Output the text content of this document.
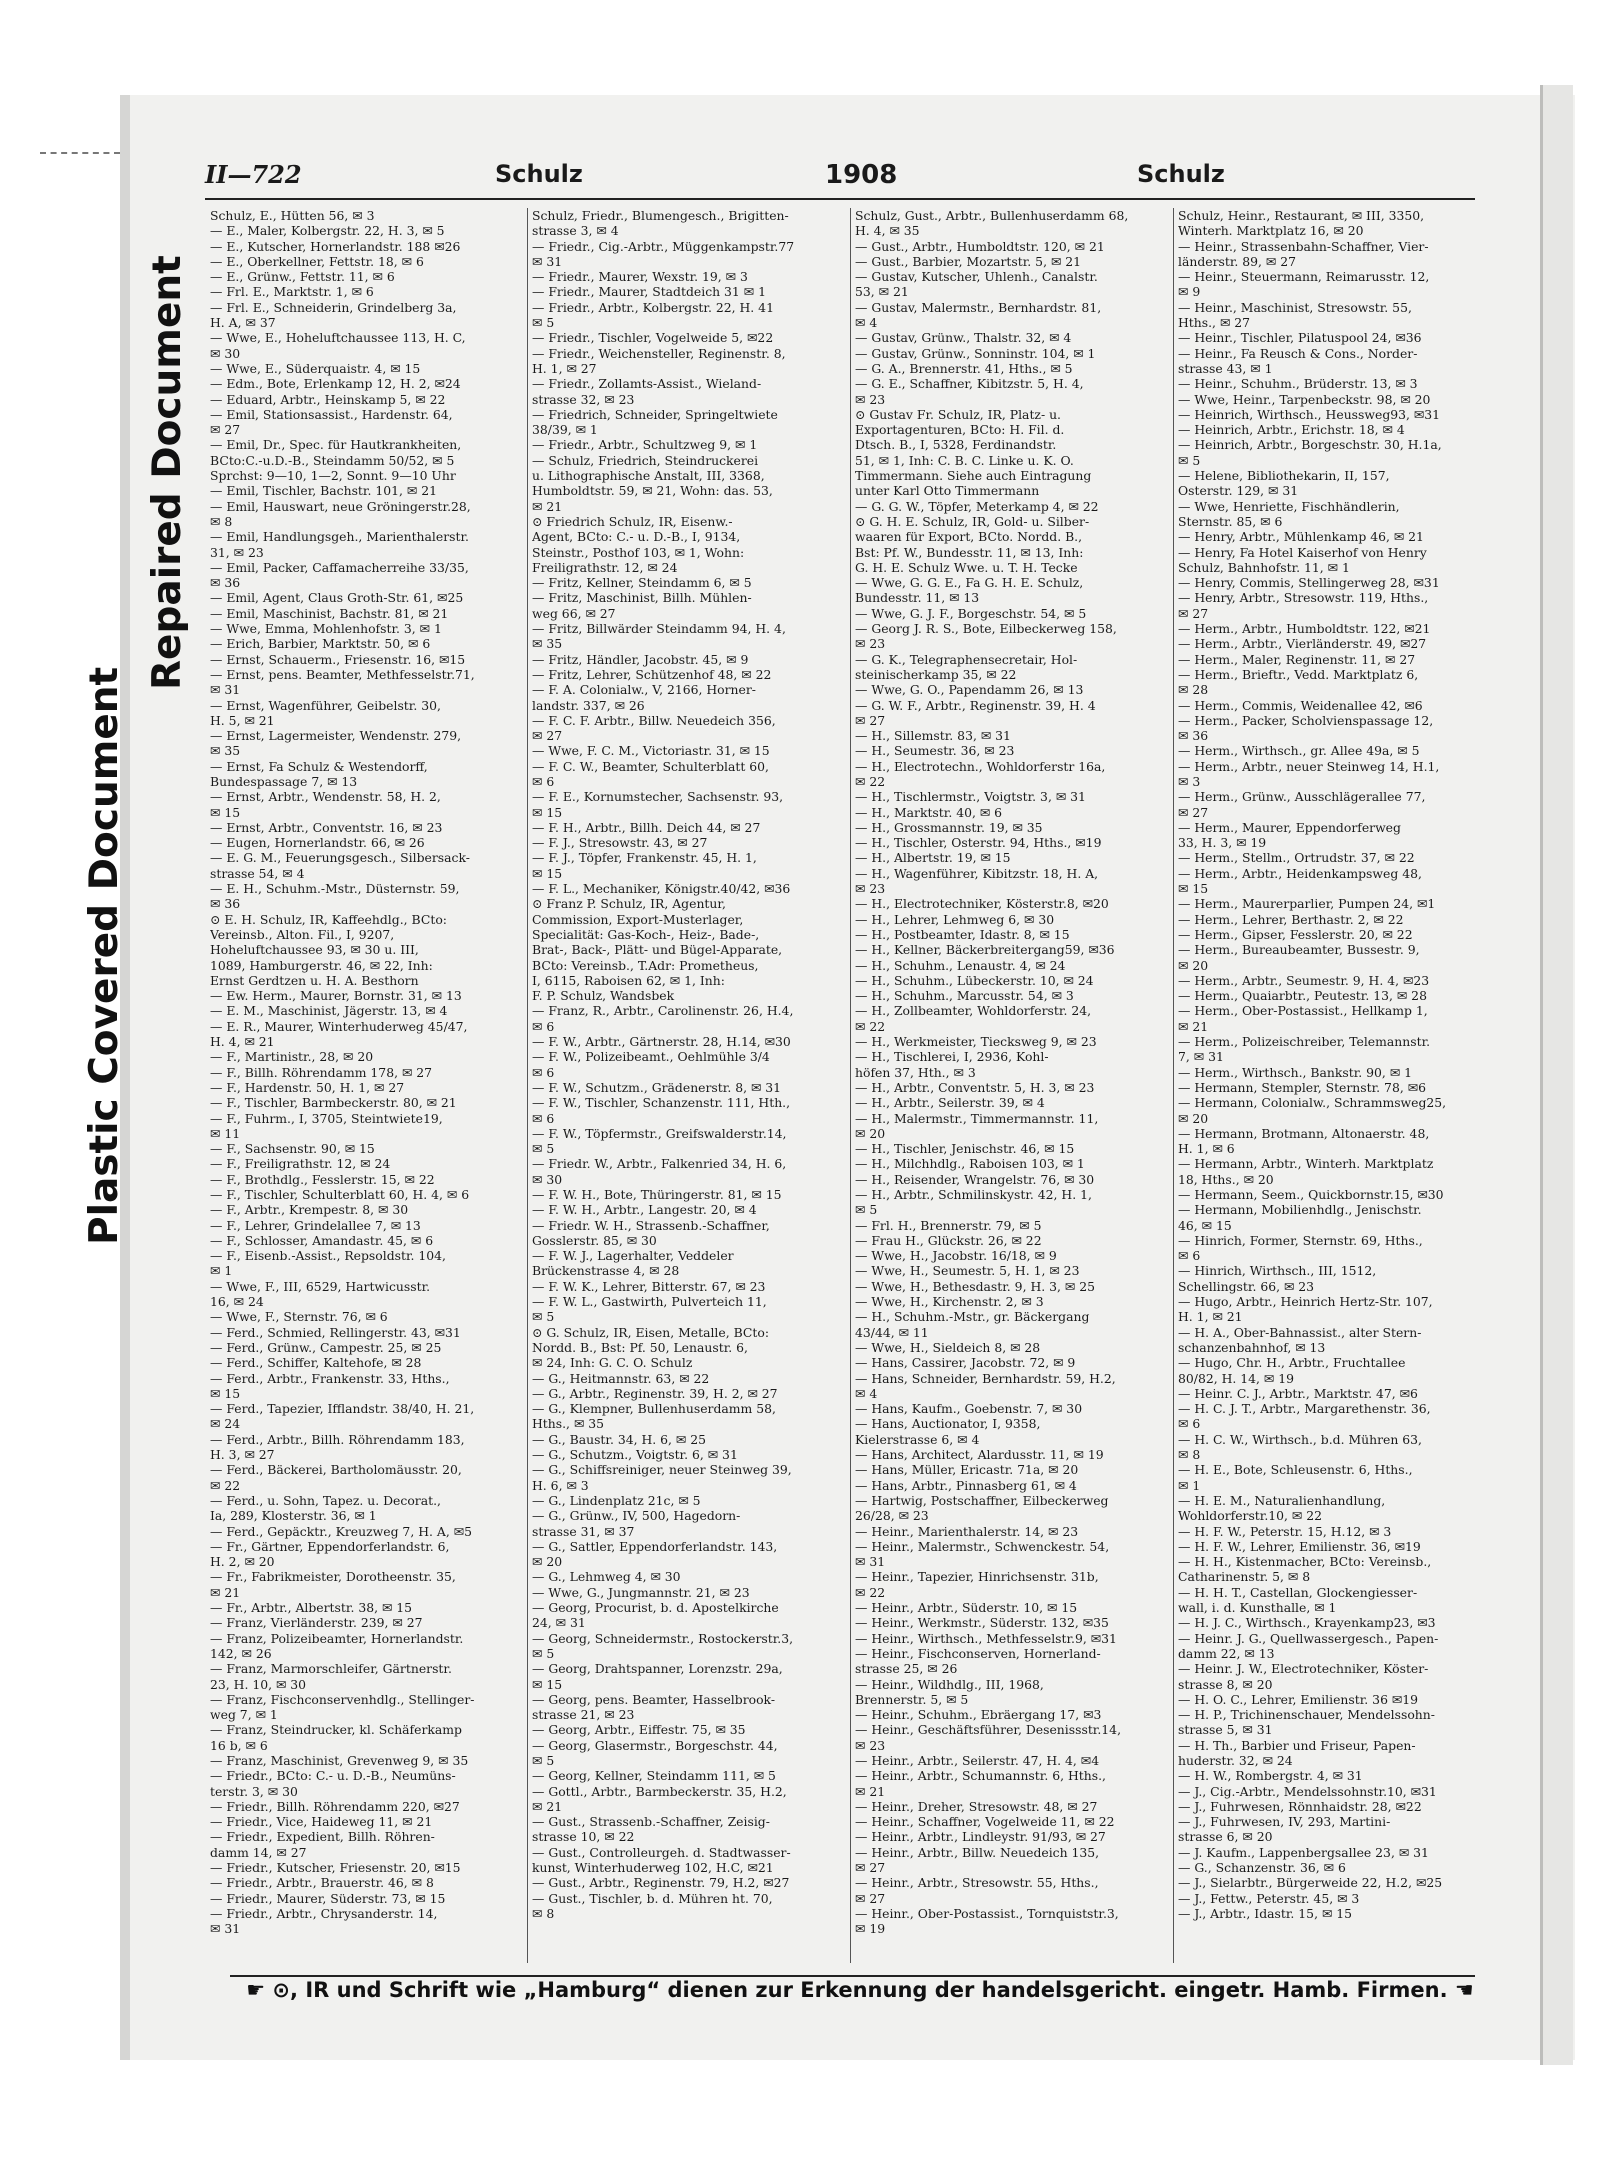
Plastic Covered Document
Repaired Document
II—722	Schulz	1908	Schulz
Schulz, E., Hütten 56, ✉ 3
— E., Maler, Kolbergstr. 22, H. 3, ✉ 5
— E., Kutscher, Hornerlandstr. 188 ✉26
— E., Oberkellner, Fettstr. 18, ✉ 6
— E., Grünw., Fettstr. 11, ✉ 6
— Frl. E., Marktstr. 1, ✉ 6
— Frl. E., Schneiderin, Grindelberg 3a,
H. A, ✉ 37
— Wwe, E., Hoheluftchaussee 113, H. C,
✉ 30
— Wwe, E., Süderquaistr. 4, ✉ 15
— Edm., Bote, Erlenkamp 12, H. 2, ✉24
— Eduard, Arbtr., Heinskamp 5, ✉ 22
— Emil, Stationsassist., Hardenstr. 64,
✉ 27
— Emil, Dr., Spec. für Hautkrankheiten,
BCto:C.-u.D.-B., Steindamm 50/52, ✉ 5
Sprchst: 9—10, 1—2, Sonnt. 9—10 Uhr
— Emil, Tischler, Bachstr. 101, ✉ 21
— Emil, Hauswart, neue Gröningerstr.28,
✉ 8
— Emil, Handlungsgeh., Marienthalerstr.
31, ✉ 23
— Emil, Packer, Caffamacherreihe 33/35,
✉ 36
— Emil, Agent, Claus Groth-Str. 61, ✉25
— Emil, Maschinist, Bachstr. 81, ✉ 21
— Wwe, Emma, Mohlenhofstr. 3, ✉ 1
— Erich, Barbier, Marktstr. 50, ✉ 6
— Ernst, Schauerm., Friesenstr. 16, ✉15
— Ernst, pens. Beamter, Methfesselstr.71,
✉ 31
— Ernst, Wagenführer, Geibelstr. 30,
H. 5, ✉ 21
— Ernst, Lagermeister, Wendenstr. 279,
✉ 35
— Ernst, Fa Schulz & Westendorff,
Bundespassage 7, ✉ 13
— Ernst, Arbtr., Wendenstr. 58, H. 2,
✉ 15
— Ernst, Arbtr., Conventstr. 16, ✉ 23
— Eugen, Hornerlandstr. 66, ✉ 26
— E. G. M., Feuerungsgesch., Silbersack-
strasse 54, ✉ 4
— E. H., Schuhm.-Mstr., Düsternstr. 59,
✉ 36
⊙ E. H. Schulz, IR, Kaffeehdlg., BCto:
Vereinsb., Alton. Fil., I, 9207,
Hoheluftchaussee 93, ✉ 30 u. III,
1089, Hamburgerstr. 46, ✉ 22, Inh:
Ernst Gerdtzen u. H. A. Besthorn
— Ew. Herm., Maurer, Bornstr. 31, ✉ 13
— E. M., Maschinist, Jägerstr. 13, ✉ 4
— E. R., Maurer, Winterhuderweg 45/47,
H. 4, ✉ 21
— F., Martinistr., 28, ✉ 20
— F., Billh. Röhrendamm 178, ✉ 27
— F., Hardenstr. 50, H. 1, ✉ 27
— F., Tischler, Barmbeckerstr. 80, ✉ 21
— F., Fuhrm., I, 3705, Steintwiete19,
✉ 11
— F., Sachsenstr. 90, ✉ 15
— F., Freiligrathstr. 12, ✉ 24
— F., Brothdlg., Fesslerstr. 15, ✉ 22
— F., Tischler, Schulterblatt 60, H. 4, ✉ 6
— F., Arbtr., Krempestr. 8, ✉ 30
— F., Lehrer, Grindelallee 7, ✉ 13
— F., Schlosser, Amandastr. 45, ✉ 6
— F., Eisenb.-Assist., Repsoldstr. 104,
✉ 1
— Wwe, F., III, 6529, Hartwicusstr.
16, ✉ 24
— Wwe, F., Sternstr. 76, ✉ 6
— Ferd., Schmied, Rellingerstr. 43, ✉31
— Ferd., Grünw., Campestr. 25, ✉ 25
— Ferd., Schiffer, Kaltehofe, ✉ 28
— Ferd., Arbtr., Frankenstr. 33, Hths.,
✉ 15
— Ferd., Tapezier, Ifflandstr. 38/40, H. 21,
✉ 24
— Ferd., Arbtr., Billh. Röhrendamm 183,
H. 3, ✉ 27
— Ferd., Bäckerei, Bartholomäusstr. 20,
✉ 22
— Ferd., u. Sohn, Tapez. u. Decorat.,
Ia, 289, Klosterstr. 36, ✉ 1
— Ferd., Gepäcktr., Kreuzweg 7, H. A, ✉5
— Fr., Gärtner, Eppendorferlandstr. 6,
H. 2, ✉ 20
— Fr., Fabrikmeister, Dorotheenstr. 35,
✉ 21
— Fr., Arbtr., Albertstr. 38, ✉ 15
— Franz, Vierländerstr. 239, ✉ 27
— Franz, Polizeibeamter, Hornerlandstr.
142, ✉ 26
— Franz, Marmorschleifer, Gärtnerstr.
23, H. 10, ✉ 30
— Franz, Fischconservenhdlg., Stellinger-
weg 7, ✉ 1
— Franz, Steindrucker, kl. Schäferkamp
16 b, ✉ 6
— Franz, Maschinist, Grevenweg 9, ✉ 35
— Friedr., BCto: C.- u. D.-B., Neumüns-
terstr. 3, ✉ 30
— Friedr., Billh. Röhrendamm 220, ✉27
— Friedr., Vice, Haideweg 11, ✉ 21
— Friedr., Expedient, Billh. Röhren-
damm 14, ✉ 27
— Friedr., Kutscher, Friesenstr. 20, ✉15
— Friedr., Arbtr., Brauerstr. 46, ✉ 8
— Friedr., Maurer, Süderstr. 73, ✉ 15
— Friedr., Arbtr., Chrysanderstr. 14,
✉ 31
Schulz, Friedr., Blumengesch., Brigitten-
strasse 3, ✉ 4
— Friedr., Cig.-Arbtr., Müggenkampstr.77
✉ 31
— Friedr., Maurer, Wexstr. 19, ✉ 3
— Friedr., Maurer, Stadtdeich 31 ✉ 1
— Friedr., Arbtr., Kolbergstr. 22, H. 41
✉ 5
— Friedr., Tischler, Vogelweide 5, ✉22
— Friedr., Weichensteller, Reginenstr. 8,
H. 1, ✉ 27
— Friedr., Zollamts-Assist., Wieland-
strasse 32, ✉ 23
— Friedrich, Schneider, Springeltwiete
38/39, ✉ 1
— Friedr., Arbtr., Schultzweg 9, ✉ 1
— Schulz, Friedrich, Steindruckerei
u. Lithographische Anstalt, III, 3368,
Humboldtstr. 59, ✉ 21, Wohn: das. 53,
✉ 21
⊙ Friedrich Schulz, IR, Eisenw.-
Agent, BCto: C.- u. D.-B., I, 9134,
Steinstr., Posthof 103, ✉ 1, Wohn:
Freiligrathstr. 12, ✉ 24
— Fritz, Kellner, Steindamm 6, ✉ 5
— Fritz, Maschinist, Billh. Mühlen-
weg 66, ✉ 27
— Fritz, Billwärder Steindamm 94, H. 4,
✉ 35
— Fritz, Händler, Jacobstr. 45, ✉ 9
— Fritz, Lehrer, Schützenhof 48, ✉ 22
— F. A. Colonialw., V, 2166, Horner-
landstr. 337, ✉ 26
— F. C. F. Arbtr., Billw. Neuedeich 356,
✉ 27
— Wwe, F. C. M., Victoriastr. 31, ✉ 15
— F. C. W., Beamter, Schulterblatt 60,
✉ 6
— F. E., Kornumstecher, Sachsenstr. 93,
✉ 15
— F. H., Arbtr., Billh. Deich 44, ✉ 27
— F. J., Stresowstr. 43, ✉ 27
— F. J., Töpfer, Frankenstr. 45, H. 1,
✉ 15
— F. L., Mechaniker, Königstr.40/42, ✉36
⊙ Franz P. Schulz, IR, Agentur,
Commission, Export-Musterlager,
Specialität: Gas-Koch-, Heiz-, Bade-,
Brat-, Back-, Plätt- und Bügel-Apparate,
BCto: Vereinsb., T.Adr: Prometheus,
I, 6115, Raboisen 62, ✉ 1, Inh:
F. P. Schulz, Wandsbek
— Franz, R., Arbtr., Carolinenstr. 26, H.4,
✉ 6
— F. W., Arbtr., Gärtnerstr. 28, H.14, ✉30
— F. W., Polizeibeamt., Oehlmühle 3/4
✉ 6
— F. W., Schutzm., Grädenerstr. 8, ✉ 31
— F. W., Tischler, Schanzenstr. 111, Hth.,
✉ 6
— F. W., Töpfermstr., Greifswalderstr.14,
✉ 5
— Friedr. W., Arbtr., Falkenried 34, H. 6,
✉ 30
— F. W. H., Bote, Thüringerstr. 81, ✉ 15
— F. W. H., Arbtr., Langestr. 20, ✉ 4
— Friedr. W. H., Strassenb.-Schaffner,
Gosslerstr. 85, ✉ 30
— F. W. J., Lagerhalter, Veddeler
Brückenstrasse 4, ✉ 28
— F. W. K., Lehrer, Bitterstr. 67, ✉ 23
— F. W. L., Gastwirth, Pulverteich 11,
✉ 5
⊙ G. Schulz, IR, Eisen, Metalle, BCto:
Nordd. B., Bst: Pf. 50, Lenaustr. 6,
✉ 24, Inh: G. C. O. Schulz
— G., Heitmannstr. 63, ✉ 22
— G., Arbtr., Reginenstr. 39, H. 2, ✉ 27
— G., Klempner, Bullenhuserdamm 58,
Hths., ✉ 35
— G., Baustr. 34, H. 6, ✉ 25
— G., Schutzm., Voigtstr. 6, ✉ 31
— G., Schiffsreiniger, neuer Steinweg 39,
H. 6, ✉ 3
— G., Lindenplatz 21c, ✉ 5
— G., Grünw., IV, 500, Hagedorn-
strasse 31, ✉ 37
— G., Sattler, Eppendorferlandstr. 143,
✉ 20
— G., Lehmweg 4, ✉ 30
— Wwe, G., Jungmannstr. 21, ✉ 23
— Georg, Procurist, b. d. Apostelkirche
24, ✉ 31
— Georg, Schneidermstr., Rostockerstr.3,
✉ 5
— Georg, Drahtspanner, Lorenzstr. 29a,
✉ 15
— Georg, pens. Beamter, Hasselbrook-
strasse 21, ✉ 23
— Georg, Arbtr., Eiffestr. 75, ✉ 35
— Georg, Glasermstr., Borgeschstr. 44,
✉ 5
— Georg, Kellner, Steindamm 111, ✉ 5
— Gottl., Arbtr., Barmbeckerstr. 35, H.2,
✉ 21
— Gust., Strassenb.-Schaffner, Zeisig-
strasse 10, ✉ 22
— Gust., Controlleurgeh. d. Stadtwasser-
kunst, Winterhuderweg 102, H.C, ✉21
— Gust., Arbtr., Reginenstr. 79, H.2, ✉27
— Gust., Tischler, b. d. Mühren ht. 70,
✉ 8
Schulz, Gust., Arbtr., Bullenhuserdamm 68,
H. 4, ✉ 35
— Gust., Arbtr., Humboldtstr. 120, ✉ 21
— Gust., Barbier, Mozartstr. 5, ✉ 21
— Gustav, Kutscher, Uhlenh., Canalstr.
53, ✉ 21
— Gustav, Malermstr., Bernhardstr. 81,
✉ 4
— Gustav, Grünw., Thalstr. 32, ✉ 4
— Gustav, Grünw., Sonninstr. 104, ✉ 1
— G. A., Brennerstr. 41, Hths., ✉ 5
— G. E., Schaffner, Kibitzstr. 5, H. 4,
✉ 23
⊙ Gustav Fr. Schulz, IR, Platz- u.
Exportagenturen, BCto: H. Fil. d.
Dtsch. B., I, 5328, Ferdinandstr.
51, ✉ 1, Inh: C. B. C. Linke u. K. O.
Timmermann. Siehe auch Eintragung
unter Karl Otto Timmermann
— G. G. W., Töpfer, Meterkamp 4, ✉ 22
⊙ G. H. E. Schulz, IR, Gold- u. Silber-
waaren für Export, BCto. Nordd. B.,
Bst: Pf. W., Bundesstr. 11, ✉ 13, Inh:
G. H. E. Schulz Wwe. u. T. H. Tecke
— Wwe, G. G. E., Fa G. H. E. Schulz,
Bundesstr. 11, ✉ 13
— Wwe, G. J. F., Borgeschstr. 54, ✉ 5
— Georg J. R. S., Bote, Eilbeckerweg 158,
✉ 23
— G. K., Telegraphensecretair, Hol-
steinischerkamp 35, ✉ 22
— Wwe, G. O., Papendamm 26, ✉ 13
— G. W. F., Arbtr., Reginenstr. 39, H. 4
✉ 27
— H., Sillemstr. 83, ✉ 31
— H., Seumestr. 36, ✉ 23
— H., Electrotechn., Wohldorferstr 16a,
✉ 22
— H., Tischlermstr., Voigtstr. 3, ✉ 31
— H., Marktstr. 40, ✉ 6
— H., Grossmannstr. 19, ✉ 35
— H., Tischler, Osterstr. 94, Hths., ✉19
— H., Albertstr. 19, ✉ 15
— H., Wagenführer, Kibitzstr. 18, H. A,
✉ 23
— H., Electrotechniker, Kösterstr.8, ✉20
— H., Lehrer, Lehmweg 6, ✉ 30
— H., Postbeamter, Idastr. 8, ✉ 15
— H., Kellner, Bäckerbreitergang59, ✉36
— H., Schuhm., Lenaustr. 4, ✉ 24
— H., Schuhm., Lübeckerstr. 10, ✉ 24
— H., Schuhm., Marcusstr. 54, ✉ 3
— H., Zollbeamter, Wohldorferstr. 24,
✉ 22
— H., Werkmeister, Tiecksweg 9, ✉ 23
— H., Tischlerei, I, 2936, Kohl-
höfen 37, Hth., ✉ 3
— H., Arbtr., Conventstr. 5, H. 3, ✉ 23
— H., Arbtr., Seilerstr. 39, ✉ 4
— H., Malermstr., Timmermannstr. 11,
✉ 20
— H., Tischler, Jenischstr. 46, ✉ 15
— H., Milchhdlg., Raboisen 103, ✉ 1
— H., Reisender, Wrangelstr. 76, ✉ 30
— H., Arbtr., Schmilinskystr. 42, H. 1,
✉ 5
— Frl. H., Brennerstr. 79, ✉ 5
— Frau H., Glückstr. 26, ✉ 22
— Wwe, H., Jacobstr. 16/18, ✉ 9
— Wwe, H., Seumestr. 5, H. 1, ✉ 23
— Wwe, H., Bethesdastr. 9, H. 3, ✉ 25
— Wwe, H., Kirchenstr. 2, ✉ 3
— H., Schuhm.-Mstr., gr. Bäckergang
43/44, ✉ 11
— Wwe, H., Sieldeich 8, ✉ 28
— Hans, Cassirer, Jacobstr. 72, ✉ 9
— Hans, Schneider, Bernhardstr. 59, H.2,
✉ 4
— Hans, Kaufm., Goebenstr. 7, ✉ 30
— Hans, Auctionator, I, 9358,
Kielerstrasse 6, ✉ 4
— Hans, Architect, Alardusstr. 11, ✉ 19
— Hans, Müller, Ericastr. 71a, ✉ 20
— Hans, Arbtr., Pinnasberg 61, ✉ 4
— Hartwig, Postschaffner, Eilbeckerweg
26/28, ✉ 23
— Heinr., Marienthalerstr. 14, ✉ 23
— Heinr., Malermstr., Schwenckestr. 54,
✉ 31
— Heinr., Tapezier, Hinrichsenstr. 31b,
✉ 22
— Heinr., Arbtr., Süderstr. 10, ✉ 15
— Heinr., Werkmstr., Süderstr. 132, ✉35
— Heinr., Wirthsch., Methfesselstr.9, ✉31
— Heinr., Fischconserven, Hornerland-
strasse 25, ✉ 26
— Heinr., Wildhdlg., III, 1968,
Brennerstr. 5, ✉ 5
— Heinr., Schuhm., Ebräergang 17, ✉3
— Heinr., Geschäftsführer, Desenissstr.14,
✉ 23
— Heinr., Arbtr., Seilerstr. 47, H. 4, ✉4
— Heinr., Arbtr., Schumannstr. 6, Hths.,
✉ 21
— Heinr., Dreher, Stresowstr. 48, ✉ 27
— Heinr., Schaffner, Vogelweide 11, ✉ 22
— Heinr., Arbtr., Lindleystr. 91/93, ✉ 27
— Heinr., Arbtr., Billw. Neuedeich 135,
✉ 27
— Heinr., Arbtr., Stresowstr. 55, Hths.,
✉ 27
— Heinr., Ober-Postassist., Tornquiststr.3,
✉ 19
Schulz, Heinr., Restaurant, ✉ III, 3350,
Winterh. Marktplatz 16, ✉ 20
— Heinr., Strassenbahn-Schaffner, Vier-
länderstr. 89, ✉ 27
— Heinr., Steuermann, Reimarusstr. 12,
✉ 9
— Heinr., Maschinist, Stresowstr. 55,
Hths., ✉ 27
— Heinr., Tischler, Pilatuspool 24, ✉36
— Heinr., Fa Reusch & Cons., Norder-
strasse 43, ✉ 1
— Heinr., Schuhm., Brüderstr. 13, ✉ 3
— Wwe, Heinr., Tarpenbeckstr. 98, ✉ 20
— Heinrich, Wirthsch., Heussweg93, ✉31
— Heinrich, Arbtr., Erichstr. 18, ✉ 4
— Heinrich, Arbtr., Borgeschstr. 30, H.1a,
✉ 5
— Helene, Bibliothekarin, II, 157,
Osterstr. 129, ✉ 31
— Wwe, Henriette, Fischhändlerin,
Sternstr. 85, ✉ 6
— Henry, Arbtr., Mühlenkamp 46, ✉ 21
— Henry, Fa Hotel Kaiserhof von Henry
Schulz, Bahnhofstr. 11, ✉ 1
— Henry, Commis, Stellingerweg 28, ✉31
— Henry, Arbtr., Stresowstr. 119, Hths.,
✉ 27
— Herm., Arbtr., Humboldtstr. 122, ✉21
— Herm., Arbtr., Vierländerstr. 49, ✉27
— Herm., Maler, Reginenstr. 11, ✉ 27
— Herm., Brieftr., Vedd. Marktplatz 6,
✉ 28
— Herm., Commis, Weidenallee 42, ✉6
— Herm., Packer, Scholvienspassage 12,
✉ 36
— Herm., Wirthsch., gr. Allee 49a, ✉ 5
— Herm., Arbtr., neuer Steinweg 14, H.1,
✉ 3
— Herm., Grünw., Ausschlägerallee 77,
✉ 27
— Herm., Maurer, Eppendorferweg
33, H. 3, ✉ 19
— Herm., Stellm., Ortrudstr. 37, ✉ 22
— Herm., Arbtr., Heidenkampsweg 48,
✉ 15
— Herm., Maurerparlier, Pumpen 24, ✉1
— Herm., Lehrer, Berthastr. 2, ✉ 22
— Herm., Gipser, Fesslerstr. 20, ✉ 22
— Herm., Bureaubeamter, Bussestr. 9,
✉ 20
— Herm., Arbtr., Seumestr. 9, H. 4, ✉23
— Herm., Quaiarbtr., Peutestr. 13, ✉ 28
— Herm., Ober-Postassist., Hellkamp 1,
✉ 21
— Herm., Polizeischreiber, Telemannstr.
7, ✉ 31
— Herm., Wirthsch., Bankstr. 90, ✉ 1
— Hermann, Stempler, Sternstr. 78, ✉6
— Hermann, Colonialw., Schrammsweg25,
✉ 20
— Hermann, Brotmann, Altonaerstr. 48,
H. 1, ✉ 6
— Hermann, Arbtr., Winterh. Marktplatz
18, Hths., ✉ 20
— Hermann, Seem., Quickbornstr.15, ✉30
— Hermann, Mobilienhdlg., Jenischstr.
46, ✉ 15
— Hinrich, Former, Sternstr. 69, Hths.,
✉ 6
— Hinrich, Wirthsch., III, 1512,
Schellingstr. 66, ✉ 23
— Hugo, Arbtr., Heinrich Hertz-Str. 107,
H. 1, ✉ 21
— H. A., Ober-Bahnassist., alter Stern-
schanzenbahnhof, ✉ 13
— Hugo, Chr. H., Arbtr., Fruchtallee
80/82, H. 14, ✉ 19
— Heinr. C. J., Arbtr., Marktstr. 47, ✉6
— H. C. J. T., Arbtr., Margarethenstr. 36,
✉ 6
— H. C. W., Wirthsch., b.d. Mühren 63,
✉ 8
— H. E., Bote, Schleusenstr. 6, Hths.,
✉ 1
— H. E. M., Naturalienhandlung,
Wohldorferstr.10, ✉ 22
— H. F. W., Peterstr. 15, H.12, ✉ 3
— H. F. W., Lehrer, Emilienstr. 36, ✉19
— H. H., Kistenmacher, BCto: Vereinsb.,
Catharinenstr. 5, ✉ 8
— H. H. T., Castellan, Glockengiesser-
wall, i. d. Kunsthalle, ✉ 1
— H. J. C., Wirthsch., Krayenkamp23, ✉3
— Heinr. J. G., Quellwassergesch., Papen-
damm 22, ✉ 13
— Heinr. J. W., Electrotechniker, Köster-
strasse 8, ✉ 20
— H. O. C., Lehrer, Emilienstr. 36 ✉19
— H. P., Trichinenschauer, Mendelssohn-
strasse 5, ✉ 31
— H. Th., Barbier und Friseur, Papen-
huderstr. 32, ✉ 24
— H. W., Rombergstr. 4, ✉ 31
— J., Cig.-Arbtr., Mendelssohnstr.10, ✉31
— J., Fuhrwesen, Rönnhaidstr. 28, ✉22
— J., Fuhrwesen, IV, 293, Martini-
strasse 6, ✉ 20
— J. Kaufm., Lappenbergsallee 23, ✉ 31
— G., Schanzenstr. 36, ✉ 6
— J., Sielarbtr., Bürgerweide 22, H.2, ✉25
— J., Fettw., Peterstr. 45, ✉ 3
— J., Arbtr., Idastr. 15, ✉ 15
☛ ⊙, IR und Schrift wie „Hamburg“ dienen zur Erkennung der handelsgericht. eingetr. Hamb. Firmen. ☚
